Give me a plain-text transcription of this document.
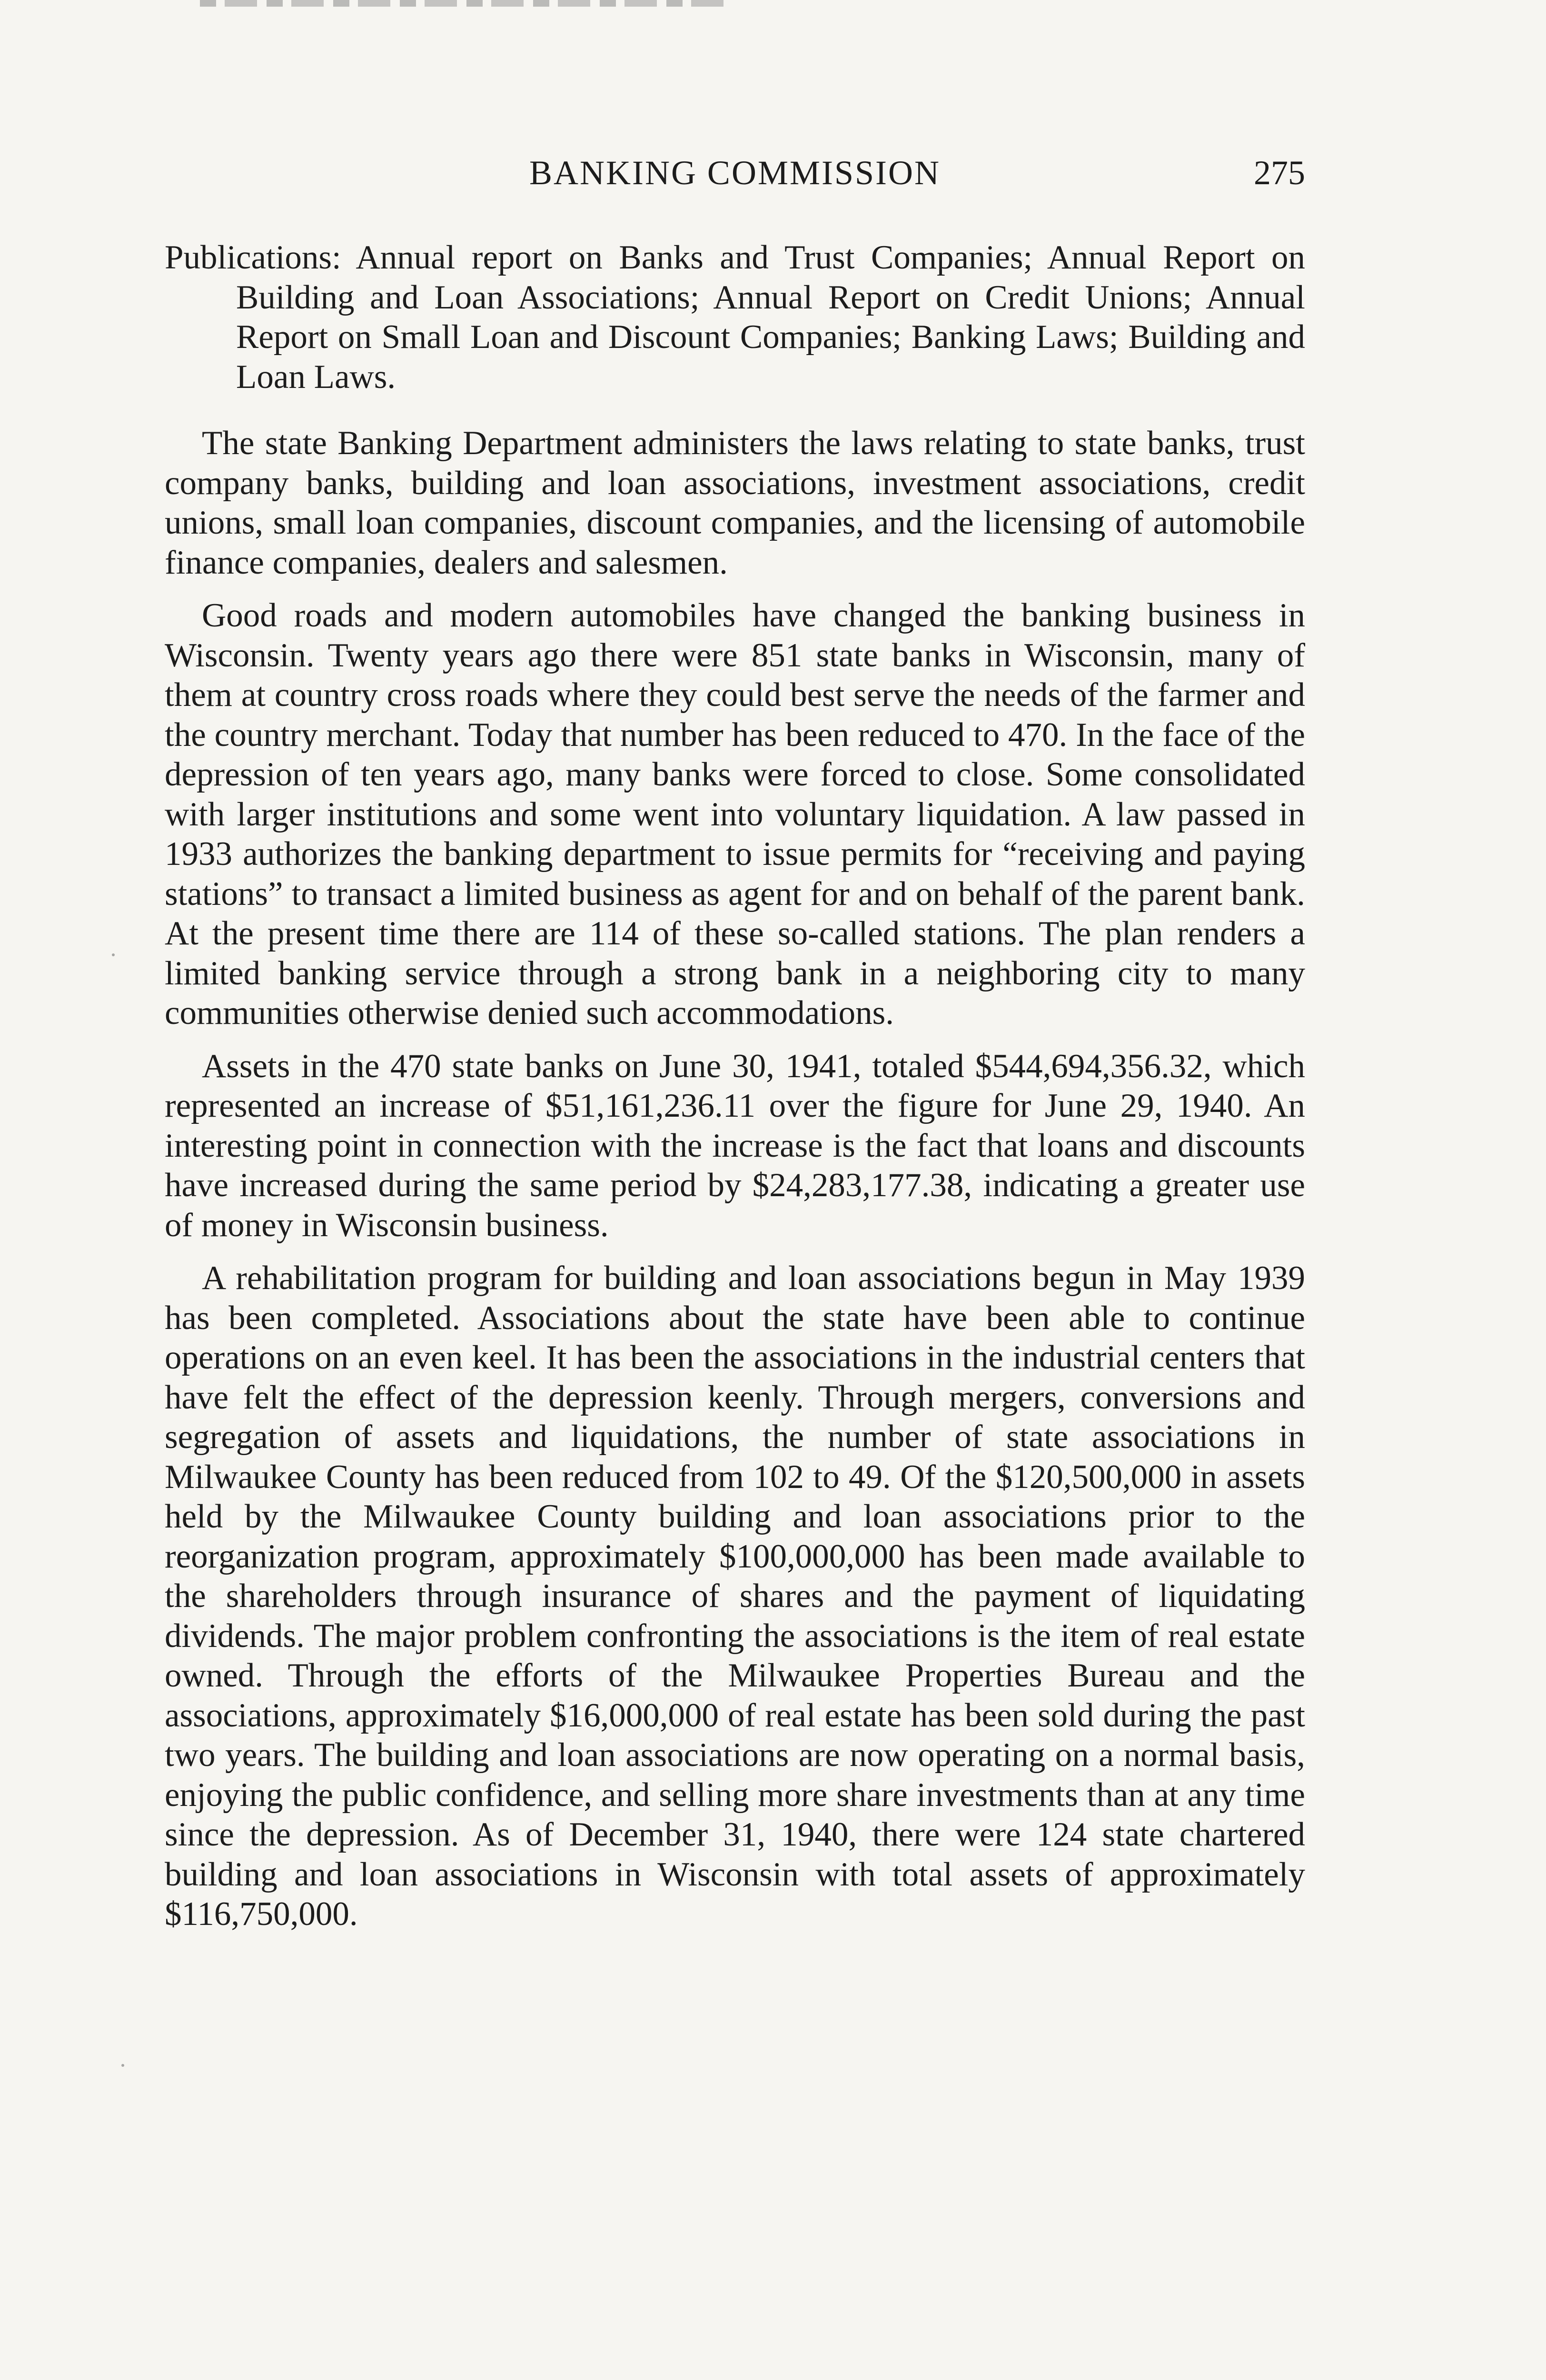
BANKING COMMISSION	275

Publications: Annual report on Banks and Trust Companies; Annual Report on Building and Loan Associations; Annual Report on Credit Unions; Annual Report on Small Loan and Discount Companies; Banking Laws; Building and Loan Laws.

The state Banking Department administers the laws relating to state banks, trust company banks, building and loan associations, investment associations, credit unions, small loan companies, discount companies, and the licensing of automobile finance companies, dealers and salesmen.

Good roads and modern automobiles have changed the banking business in Wisconsin. Twenty years ago there were 851 state banks in Wisconsin, many of them at country cross roads where they could best serve the needs of the farmer and the country merchant. Today that number has been reduced to 470. In the face of the depression of ten years ago, many banks were forced to close. Some consolidated with larger institutions and some went into voluntary liquidation. A law passed in 1933 authorizes the banking department to issue permits for “receiving and paying stations” to transact a limited business as agent for and on behalf of the parent bank. At the present time there are 114 of these so-called stations. The plan renders a limited banking service through a strong bank in a neighboring city to many communities otherwise denied such accommodations.

Assets in the 470 state banks on June 30, 1941, totaled $544,694,356.32, which represented an increase of $51,161,236.11 over the figure for June 29, 1940. An interesting point in connection with the increase is the fact that loans and discounts have increased during the same period by $24,283,177.38, indicating a greater use of money in Wisconsin business.

A rehabilitation program for building and loan associations begun in May 1939 has been completed. Associations about the state have been able to continue operations on an even keel. It has been the associations in the industrial centers that have felt the effect of the depression keenly. Through mergers, conversions and segregation of assets and liquidations, the number of state associations in Milwaukee County has been reduced from 102 to 49. Of the $120,500,000 in assets held by the Milwaukee County building and loan associations prior to the reorganization program, approximately $100,000,000 has been made available to the shareholders through insurance of shares and the payment of liquidating dividends. The major problem confronting the associations is the item of real estate owned. Through the efforts of the Milwaukee Properties Bureau and the associations, approximately $16,000,000 of real estate has been sold during the past two years. The building and loan associations are now operating on a normal basis, enjoying the public confidence, and selling more share investments than at any time since the depression. As of December 31, 1940, there were 124 state chartered building and loan associations in Wisconsin with total assets of approximately $116,750,000.
